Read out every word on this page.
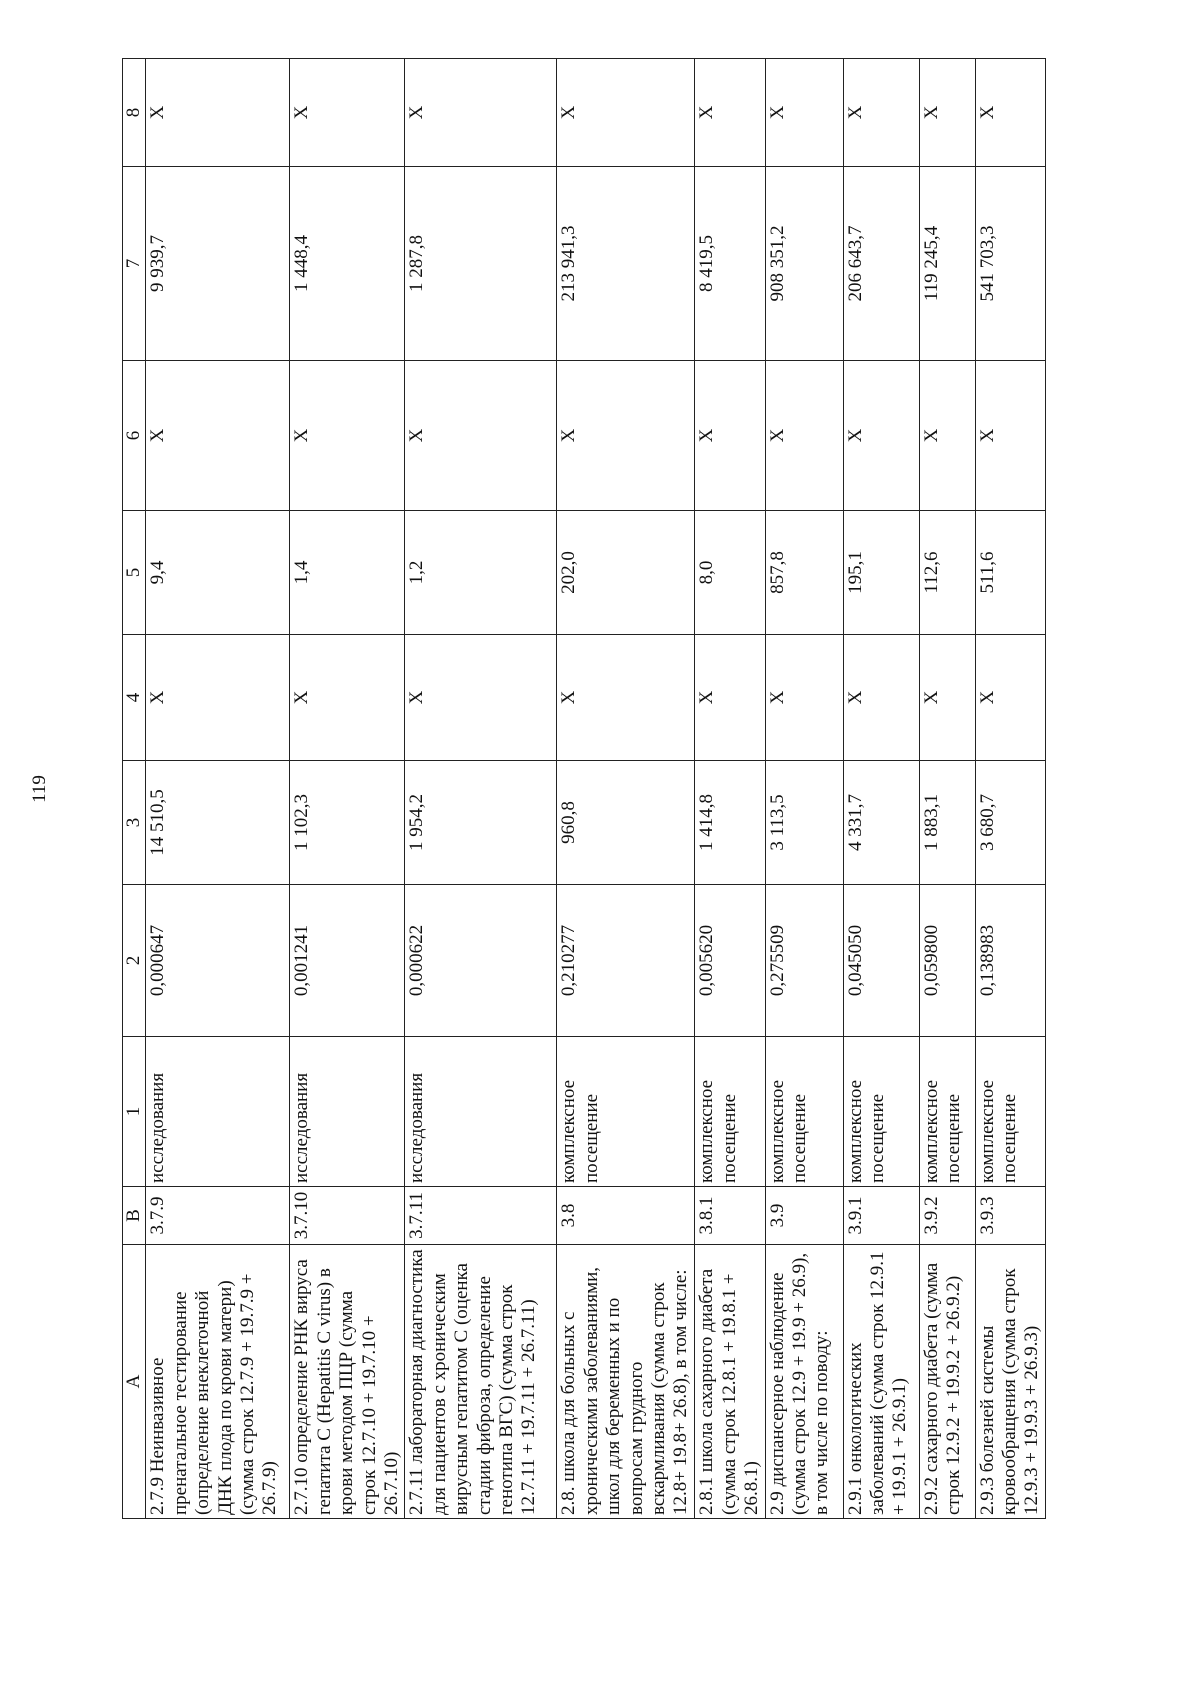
119
A	B	1	2	3	4	5	6	7	8
2.7.9 Неинвазивное пренатальное тестирование (определение внеклеточной ДНК плода по крови матери) (сумма строк 12.7.9 + 19.7.9 + 26.7.9)	3.7.9	исследования	0,000647	14 510,5	X	9,4	X	9 939,7	X
2.7.10 определение РНК вируса гепатита С (Hepatitis C virus) в крови методом ПЦР (сумма строк 12.7.10 + 19.7.10 + 26.7.10)	3.7.10	исследования	0,001241	1 102,3	X	1,4	X	1 448,4	X
2.7.11 лабораторная диагностика для пациентов с хроническим вирусным гепатитом С (оценка стадии фиброза, определение генотипа ВГС) (сумма строк 12.7.11 + 19.7.11 + 26.7.11)	3.7.11	исследования	0,000622	1 954,2	X	1,2	X	1 287,8	X
2.8. школа для больных с хроническими заболеваниями, школ для беременных и по вопросам грудного вскармливания (сумма строк 12.8+ 19.8+ 26.8), в том числе:	3.8	комплексное посещение	0,210277	960,8	X	202,0	X	213 941,3	X
2.8.1 школа сахарного диабета (сумма строк 12.8.1 + 19.8.1 + 26.8.1)	3.8.1	комплексное посещение	0,005620	1 414,8	X	8,0	X	8 419,5	X
2.9 диспансерное наблюдение (сумма строк 12.9 + 19.9 + 26.9), в том числе по поводу:	3.9	комплексное посещение	0,275509	3 113,5	X	857,8	X	908 351,2	X
2.9.1 онкологических заболеваний (сумма строк 12.9.1 + 19.9.1 + 26.9.1)	3.9.1	комплексное посещение	0,045050	4 331,7	X	195,1	X	206 643,7	X
2.9.2 сахарного диабета (сумма строк 12.9.2 + 19.9.2 + 26.9.2)	3.9.2	комплексное посещение	0,059800	1 883,1	X	112,6	X	119 245,4	X
2.9.3 болезней системы кровообращения (сумма строк 12.9.3 + 19.9.3 + 26.9.3)	3.9.3	комплексное посещение	0,138983	3 680,7	X	511,6	X	541 703,3	X
